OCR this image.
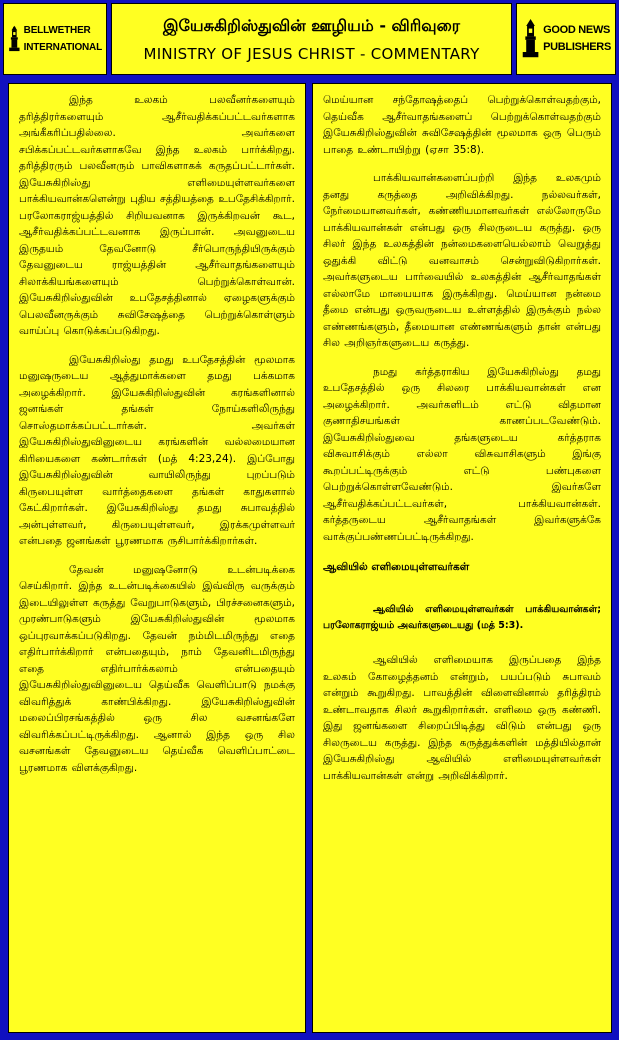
BELLWETHER
INTERNATIONAL
இயேசுகிறிஸ்துவின் ஊழியம் - விரிவுரை
MINISTRY OF JESUS CHRIST - COMMENTARY
GOOD NEWS
PUBLISHERS

இந்த உலகம் பலவீனர்களையும் தரித்திரர்களையும் ஆசீர்வதிக்கப்பட்டவர்களாக அங்கீகரிப்பதில்லை. அவர்களை சபிக்கப்பட்டவர்களாகவே இந்த உலகம் பார்க்கிறது. தரித்திரரும் பலவீனரும் பாவிகளாகக் கருதப்பட்டார்கள். இயேசுகிறிஸ்து எளிமையுள்ளவர்களை பாக்கியவான்களென்று புதிய சத்தியத்தை உபதேசிக்கிறார். பரலோகராஜ்யத்தில் சிறியவனாக இருக்கிறவன் கூட, ஆசீர்வதிக்கப்பட்டவனாக இருப்பான். அவனுடைய இருதயம் தேவனோடு சீர்பொருந்தியிருக்கும் தேவனுடைய ராஜ்யத்தின் ஆசீர்வாதங்களையும் சிலாக்கியங்களையும் பெற்றுக்கொள்வான். இயேசுகிறிஸ்துவின் உபதேசத்தினால் ஏழைகளுக்கும் பெலவீனருக்கும் சுவிசேஷத்தை பெற்றுக்கொள்ளும் வாய்ப்பு கொடுக்கப்படுகிறது.

இயேசுகிறிஸ்து தமது உபதேசத்தின் மூலமாக மனுஷருடைய ஆத்துமாக்களை தமது பக்கமாக அழைக்கிறார். இயேசுகிறிஸ்துவின் கரங்களினால் ஜனங்கள் தங்கள் நோய்களிலிருந்து சொஸ்தமாக்கப்பட்டார்கள். அவர்கள் இயேசுகிறிஸ்துவினுடைய கரங்களின் வல்லமையான கிரியைகளை கண்டார்கள் (மத் 4:23,24). இப்போது இயேசுகிறிஸ்துவின் வாயிலிருந்து புறப்படும் கிருபையுள்ள வார்த்தைகளை தங்கள் காதுகளால் கேட்கிறார்கள். இயேசுகிறிஸ்து தமது சுபாவத்தில் அன்புள்ளவர், கிருபையுள்ளவர், இரக்கமுள்ளவர் என்பதை ஜனங்கள் பூரணமாக ருசிபார்க்கிறார்கள்.

தேவன் மனுஷனோடு உடன்படிக்கை செய்கிறார். இந்த உடன்படிக்கையில் இவ்விரு வருக்கும் இடையிலுள்ள கருத்து வேறுபாடுகளும், பிரச்சனைகளும், முரண்பாடுகளும் இயேசுகிறிஸ்துவின் மூலமாக ஒப்புரவாக்கப்படுகிறது. தேவன் நம்மிடமிருந்து எதை எதிர்பார்க்கிறார் என்பதையும், நாம் தேவனிடமிருந்து எதை எதிர்பார்க்கலாம் என்பதையும் இயேசுகிறிஸ்துவினுடைய தெய்வீக வெளிப்பாடு நமக்கு விவரித்துக் காண்பிக்கிறது. இயேசுகிறிஸ்துவின் மலைப்பிரசங்கத்தில் ஒரு சில வசனங்களே விவரிக்கப்பட்டிருக்கிறது. ஆனால் இந்த ஒரு சில வசனங்கள் தேவனுடைய தெய்வீக வெளிப்பாட்டை பூரணமாக விளக்குகிறது.

மெய்யான சந்தோஷத்தைப் பெற்றுக்கொள்வதற்கும், தெய்வீக ஆசீர்வாதங்களைப் பெற்றுக்கொள்வதற்கும் இயேசுகிறிஸ்துவின் சுவிசேஷத்தின் மூலமாக ஒரு பெரும் பாதை உண்டாயிற்று (ஏசா 35:8).

பாக்கியவான்களைப்பற்றி இந்த உலகமும் தனது கருத்தை அறிவிக்கிறது. நல்லவர்கள், நேர்மையானவர்கள், கண்ணியமானவர்கள் எல்லோருமே பாக்கியவான்கள் என்பது ஒரு சிலருடைய கருத்து. ஒரு சிலர் இந்த உலகத்தின் நன்மைகளையெல்லாம் வெறுத்து ஒதுக்கி விட்டு வனவாசம் சென்றுவிடுகிறார்கள். அவர்களுடைய பார்வையில் உலகத்தின் ஆசீர்வாதங்கள் எல்லாமே மாயையாக இருக்கிறது. மெய்யான நன்மை தீமை என்பது ஒருவருடைய உள்ளத்தில் இருக்கும் நல்ல எண்ணங்களும், தீமையான எண்ணங்களும் தான் என்பது சில அறிஞர்களுடைய கருத்து.

நமது கர்த்தராகிய இயேசுகிறிஸ்து தமது உபதேசத்தில் ஒரு சிலரை பாக்கியவான்கள் என அழைக்கிறார். அவர்களிடம் எட்டு விதமான குணாதிசயங்கள் காணப்படவேண்டும். இயேசுகிறிஸ்துவை தங்களுடைய கர்த்தராக விசுவாசிக்கும் எல்லா விசுவாசிகளும் இங்கு கூறப்பட்டிருக்கும் எட்டு பண்புகளை பெற்றுக்கொள்ளவேண்டும். இவர்களே ஆசீர்வதிக்கப்பட்டவர்கள், பாக்கியவான்கள். கர்த்தருடைய ஆசீர்வாதங்கள் இவர்களுக்கே வாக்குப்பண்ணப்பட்டிருக்கிறது.

ஆவியில் எளிமையுள்ளவர்கள்

ஆவியில் எளிமையுள்ளவர்கள் பாக்கியவான்கள்; பரலோகராஜ்யம் அவர்களுடையது (மத் 5:3).

ஆவியில் எளிமையாக இருப்பதை இந்த உலகம் கோழைத்தனம் என்றும், பயப்படும் சுபாவம் என்றும் கூறுகிறது. பாவத்தின் விளைவினால் தரித்திரம் உண்டாவதாக சிலர் கூறுகிறார்கள். எளிமை ஒரு கண்ணி. இது ஜனங்களை சிறைப்பிடித்து விடும் என்பது ஒரு சிலருடைய கருத்து. இந்த கருத்துக்களின் மத்தியில்தான் இயேசுகிறிஸ்து ஆவியில் எளிமையுள்ளவர்கள் பாக்கியவான்கள் என்று அறிவிக்கிறார்.
